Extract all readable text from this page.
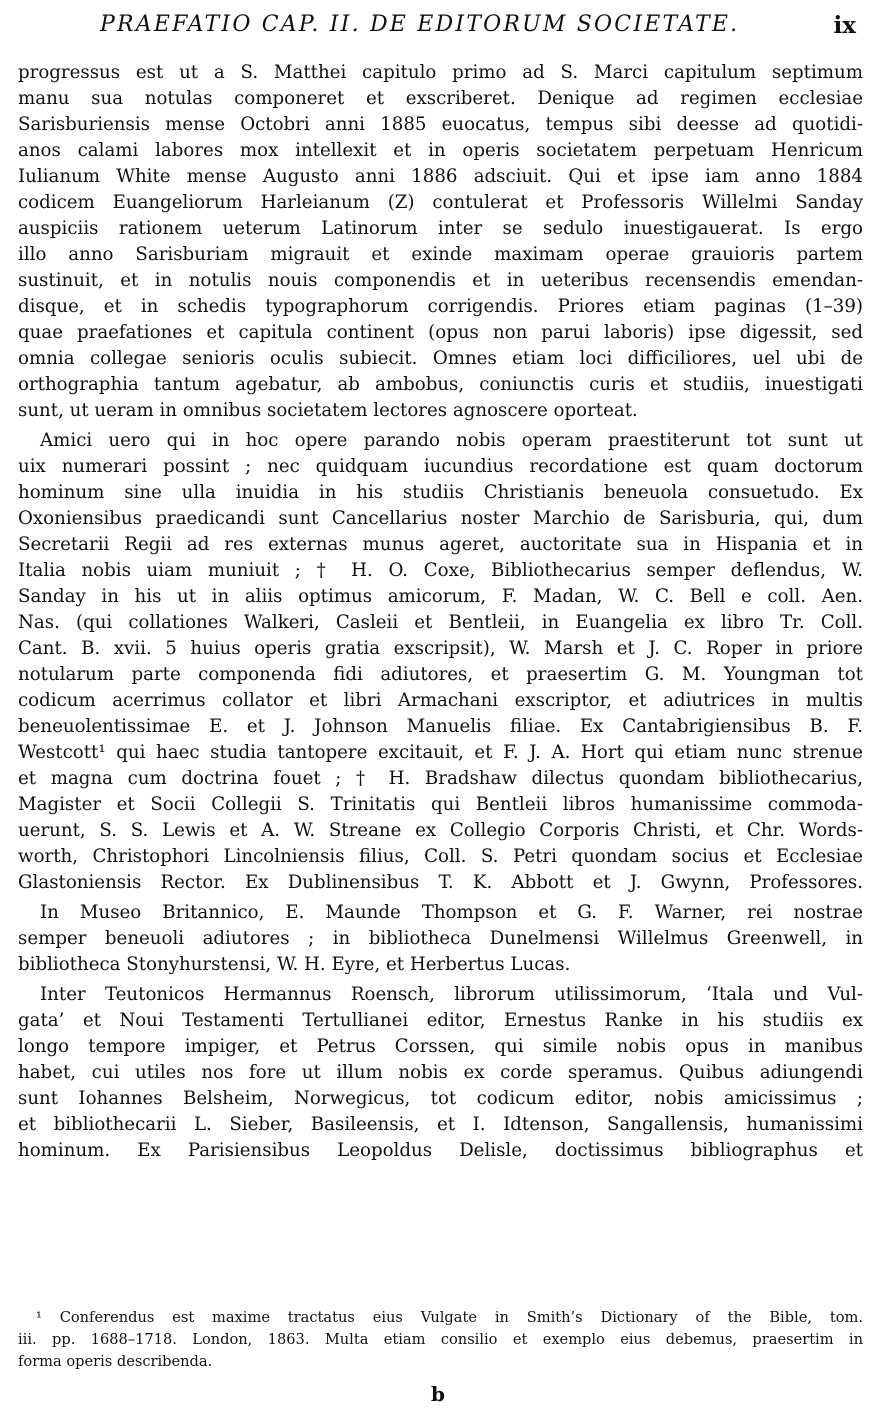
PRAEFATIO CAP. II. DE EDITORUM SOCIETATE.	ix
progressus est ut a S. Matthei capitulo primo ad S. Marci capitulum septimum
manu sua notulas componeret et exscriberet. Denique ad regimen ecclesiae
Sarisburiensis mense Octobri anni 1885 euocatus, tempus sibi deesse ad quotidi-
anos calami labores mox intellexit et in operis societatem perpetuam Henricum
Iulianum White mense Augusto anni 1886 adsciuit. Qui et ipse iam anno 1884
codicem Euangeliorum Harleianum (Z) contulerat et Professoris Willelmi Sanday
auspiciis rationem ueterum Latinorum inter se sedulo inuestigauerat. Is ergo
illo anno Sarisburiam migrauit et exinde maximam operae grauioris partem
sustinuit, et in notulis nouis componendis et in ueteribus recensendis emendan-
disque, et in schedis typographorum corrigendis. Priores etiam paginas (1–39)
quae praefationes et capitula continent (opus non parui laboris) ipse digessit, sed
omnia collegae senioris oculis subiecit. Omnes etiam loci difficiliores, uel ubi de
orthographia tantum agebatur, ab ambobus, coniunctis curis et studiis, inuestigati
sunt, ut ueram in omnibus societatem lectores agnoscere oporteat.
Amici uero qui in hoc opere parando nobis operam praestiterunt tot sunt ut
uix numerari possint ; nec quidquam iucundius recordatione est quam doctorum
hominum sine ulla inuidia in his studiis Christianis beneuola consuetudo. Ex
Oxoniensibus praedicandi sunt Cancellarius noster Marchio de Sarisburia, qui, dum
Secretarii Regii ad res externas munus ageret, auctoritate sua in Hispania et in
Italia nobis uiam muniuit ; † H. O. Coxe, Bibliothecarius semper deflendus, W.
Sanday in his ut in aliis optimus amicorum, F. Madan, W. C. Bell e coll. Aen.
Nas. (qui collationes Walkeri, Casleii et Bentleii, in Euangelia ex libro Tr. Coll.
Cant. B. xvii. 5 huius operis gratia exscripsit), W. Marsh et J. C. Roper in priore
notularum parte componenda fidi adiutores, et praesertim G. M. Youngman tot
codicum acerrimus collator et libri Armachani exscriptor, et adiutrices in multis
beneuolentissimae E. et J. Johnson Manuelis filiae. Ex Cantabrigiensibus B. F.
Westcott¹ qui haec studia tantopere excitauit, et F. J. A. Hort qui etiam nunc strenue
et magna cum doctrina fouet ; † H. Bradshaw dilectus quondam bibliothecarius,
Magister et Socii Collegii S. Trinitatis qui Bentleii libros humanissime commoda-
uerunt, S. S. Lewis et A. W. Streane ex Collegio Corporis Christi, et Chr. Words-
worth, Christophori Lincolniensis filius, Coll. S. Petri quondam socius et Ecclesiae
Glastoniensis Rector. Ex Dublinensibus T. K. Abbott et J. Gwynn, Professores.
In Museo Britannico, E. Maunde Thompson et G. F. Warner, rei nostrae
semper beneuoli adiutores ; in bibliotheca Dunelmensi Willelmus Greenwell, in
bibliotheca Stonyhurstensi, W. H. Eyre, et Herbertus Lucas.
Inter Teutonicos Hermannus Roensch, librorum utilissimorum, ‘Itala und Vul-
gata’ et Noui Testamenti Tertullianei editor, Ernestus Ranke in his studiis ex
longo tempore impiger, et Petrus Corssen, qui simile nobis opus in manibus
habet, cui utiles nos fore ut illum nobis ex corde speramus. Quibus adiungendi
sunt Iohannes Belsheim, Norwegicus, tot codicum editor, nobis amicissimus ;
et bibliothecarii L. Sieber, Basileensis, et I. Idtenson, Sangallensis, humanissimi
hominum. Ex Parisiensibus Leopoldus Delisle, doctissimus bibliographus et
¹ Conferendus est maxime tractatus eius Vulgate in Smith’s Dictionary of the Bible, tom.
iii. pp. 1688–1718. London, 1863. Multa etiam consilio et exemplo eius debemus, praesertim in
forma operis describenda.
b
